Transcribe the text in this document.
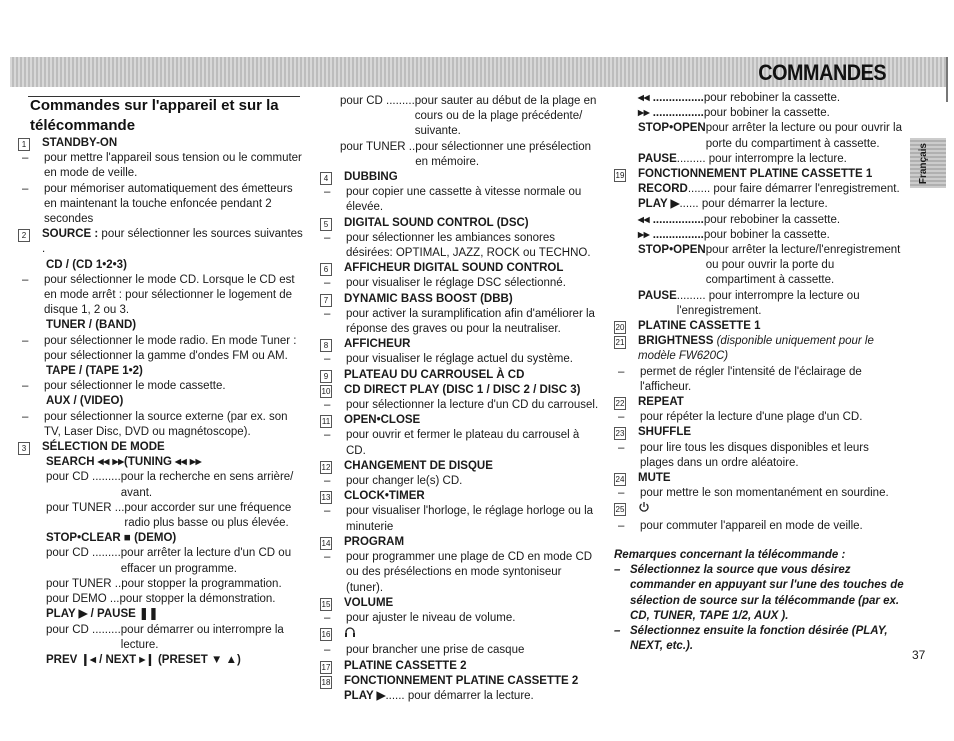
COMMANDES
Français
Commandes sur l'appareil et sur la
télécommande
1	STANDBY-ON
–	pour mettre l'appareil sous tension ou le commuter en mode de veille.
–	pour mémoriser automatiquement des émetteurs en maintenant la touche enfoncée pendant 2 secondes
2	SOURCE : pour sélectionner les sources suivantes .
CD / (CD 1•2•3)
–	pour sélectionner le mode CD. Lorsque le CD est en mode arrêt : pour sélectionner le logement de disque 1, 2 ou 3.
TUNER / (BAND)
–	pour sélectionner le mode radio. En mode Tuner : pour sélectionner la gamme d'ondes FM ou AM.
TAPE / (TAPE 1•2)
–	pour sélectionner le mode cassette.
AUX / (VIDEO)
–	pour sélectionner la source externe (par ex. son TV, Laser Disc, DVD ou magnétoscope).
3	SÉLECTION DE MODE
SEARCH ◂◂ ▸▸(TUNING ◂◂ ▸▸
pour CD ......... pour la recherche en sens arrière/ avant.
pour TUNER ... pour accorder sur une fréquence radio plus basse ou plus élevée.
STOP•CLEAR ■ (DEMO)
pour CD ......... pour arrêter la lecture d'un CD ou effacer un programme.
pour TUNER .. pour stopper la programmation.
pour DEMO ... pour stopper la démonstration.
PLAY ▶ / PAUSE ❚❚
pour CD ......... pour démarrer ou interrompre la lecture.
PREV ❙◂ / NEXT ▸❙ (PRESET ▼ ▲)
pour CD ......... pour sauter au début de la plage en cours ou de la plage précédente/ suivante.
pour TUNER .. pour sélectionner une présélection en mémoire.
4	DUBBING
–	pour copier une cassette à vitesse normale ou élevée.
5	DIGITAL SOUND CONTROL (DSC)
–	pour sélectionner les ambiances sonores désirées: OPTIMAL, JAZZ, ROCK ou TECHNO.
6	AFFICHEUR DIGITAL SOUND CONTROL
–	pour visualiser le réglage DSC sélectionné.
7	DYNAMIC BASS BOOST (DBB)
–	pour activer la suramplification afin d'améliorer la réponse des graves ou pour la neutraliser.
8	AFFICHEUR
–	pour visualiser le réglage actuel du système.
9	PLATEAU DU CARROUSEL À CD
10 CD DIRECT PLAY (DISC 1 / DISC 2 / DISC 3)
–	pour sélectionner la lecture d'un CD du carrousel.
11 OPEN•CLOSE
–	pour ouvrir et fermer le plateau du carrousel à CD.
12 CHANGEMENT DE DISQUE
–	pour changer le(s) CD.
13 CLOCK•TIMER
–	pour visualiser l'horloge, le réglage horloge ou la minuterie
14 PROGRAM
–	pour programmer une plage de CD en mode CD ou des présélections en mode syntoniseur (tuner).
15 VOLUME
–	pour ajuster le niveau de volume.
16
–	pour brancher une prise de casque
17 PLATINE CASSETTE 2
18 FONCTIONNEMENT PLATINE CASSETTE 2
PLAY ▶ ...... pour démarrer la lecture.
◂◂ ................ pour rebobiner la cassette.
▸▸ ................ pour bobiner la cassette.
STOP•OPEN pour arrêter la lecture ou pour ouvrir la porte du compartiment à cassette.
PAUSE ......... pour interrompre la lecture.
19 FONCTIONNEMENT PLATINE CASSETTE 1
RECORD ....... pour faire démarrer l'enregistrement.
PLAY ▶ ...... pour démarrer la lecture.
◂◂ ................ pour rebobiner la cassette.
▸▸ ................ pour bobiner la cassette.
STOP•OPEN pour arrêter la lecture/l'enregistrement ou pour ouvrir la porte du compartiment à cassette.
PAUSE ......... pour interrompre la lecture ou l'enregistrement.
20 PLATINE CASSETTE 1
21 BRIGHTNESS (disponible uniquement pour le modèle FW620C)
–	permet de régler l'intensité de l'éclairage de l'afficheur.
22 REPEAT
–	pour répéter la lecture d'une plage d'un CD.
23 SHUFFLE
–	pour lire tous les disques disponibles et leurs plages dans un ordre aléatoire.
24 MUTE
–	pour mettre le son momentanément en sourdine.
25
–	pour commuter l'appareil en mode de veille.
Remarques concernant la télécommande :
– Sélectionnez la source que vous désirez commander en appuyant sur l'une des touches de sélection de source sur la télécommande (par ex. CD, TUNER, TAPE 1/2, AUX ).
– Sélectionnez ensuite la fonction désirée (PLAY, NEXT, etc.).
37
